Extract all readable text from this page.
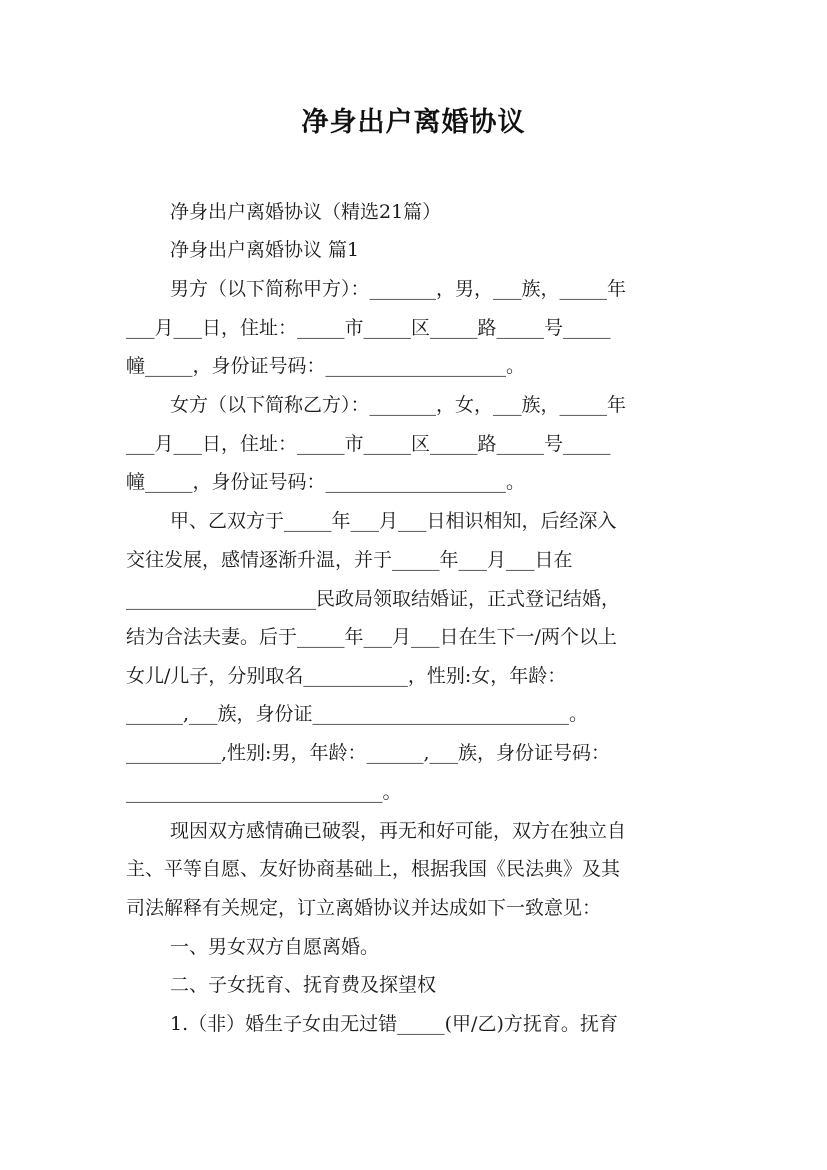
净身出户离婚协议
净身出户离婚协议（精选21篇）
净身出户离婚协议 篇1
男方（以下简称甲方）：_______，男，___族，_____年
___月___日，住址：_____市_____区_____路_____号_____
幢_____，身份证号码：___________________。
女方（以下简称乙方）：_______，女，___族，_____年
___月___日，住址：_____市_____区_____路_____号_____
幢_____，身份证号码：___________________。
甲、乙双方于_____年___月___日相识相知，后经深入
交往发展，感情逐渐升温，并于_____年___月___日在
____________________民政局领取结婚证，正式登记结婚，
结为合法夫妻。后于_____年___月___日在生下一/两个以上
女儿/儿子，分别取名___________，性别:女，年龄：
______,___族，身份证___________________________。
__________,性别:男，年龄：______,___族，身份证号码：
___________________________。
现因双方感情确已破裂，再无和好可能，双方在独立自
主、平等自愿、友好协商基础上，根据我国《民法典》及其
司法解释有关规定，订立离婚协议并达成如下一致意见：
一、男女双方自愿离婚。
二、子女抚育、抚育费及探望权
1.（非）婚生子女由无过错_____(甲/乙)方抚育。抚育
